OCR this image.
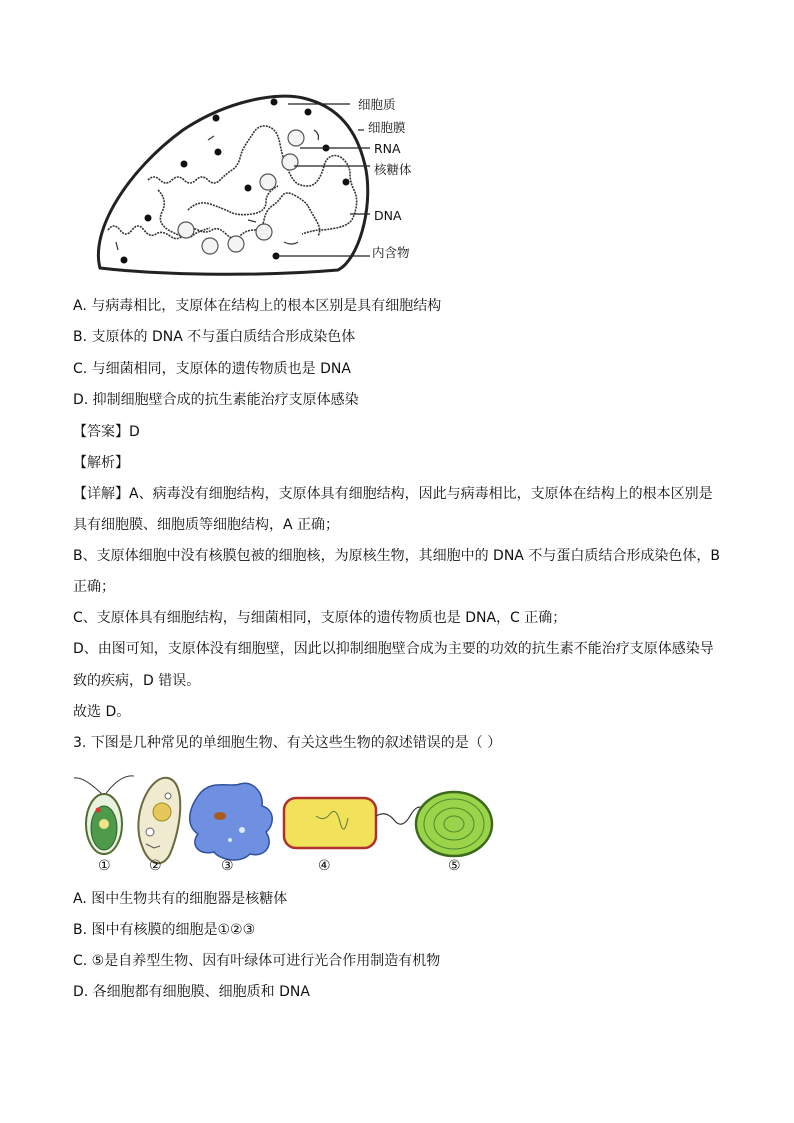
细胞质
细胞膜
RNA
核糖体
DNA
内含物
A. 与病毒相比，支原体在结构上的根本区别是具有细胞结构
B. 支原体的 DNA 不与蛋白质结合形成染色体
C. 与细菌相同，支原体的遗传物质也是 DNA
D. 抑制细胞壁合成的抗生素能治疗支原体感染
【答案】D
【解析】
【详解】A、病毒没有细胞结构，支原体具有细胞结构，因此与病毒相比，支原体在结构上的根本区别是
具有细胞膜、细胞质等细胞结构，A 正确；
B、支原体细胞中没有核膜包被的细胞核，为原核生物，其细胞中的 DNA 不与蛋白质结合形成染色体，B
正确；
C、支原体具有细胞结构，与细菌相同，支原体的遗传物质也是 DNA，C 正确；
D、由图可知，支原体没有细胞壁，因此以抑制细胞壁合成为主要的功效的抗生素不能治疗支原体感染导
致的疾病，D 错误。
故选 D。
3. 下图是几种常见的单细胞生物、有关这些生物的叙述错误的是（ ）
①	②	③	④	⑤
A. 图中生物共有的细胞器是核糖体
B. 图中有核膜的细胞是①②③
C. ⑤是自养型生物、因有叶绿体可进行光合作用制造有机物
D. 各细胞都有细胞膜、细胞质和 DNA
